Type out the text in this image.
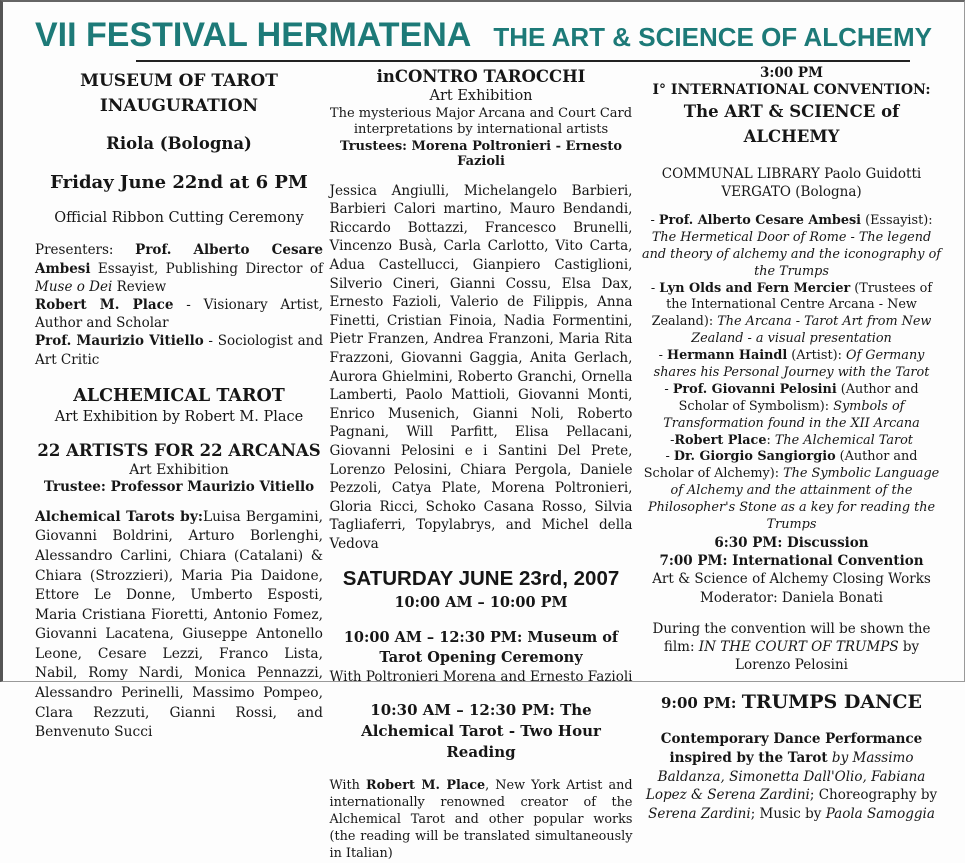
VII FESTIVAL HERMATENA THE ART & SCIENCE OF ALCHEMY

MUSEUM OF TAROT INAUGURATION

Riola (Bologna)

Friday June 22nd at 6 PM

Official Ribbon Cutting Ceremony

Presenters: Prof. Alberto Cesare Ambesi Essayist, Publishing Director of Muse o Dei Review

Robert M. Place - Visionary Artist, Author and Scholar

Prof. Maurizio Vitiello - Sociologist and Art Critic

ALCHEMICAL TAROT

Art Exhibition by Robert M. Place

22 ARTISTS FOR 22 ARCANAS

Art Exhibition

Trustee: Professor Maurizio Vitiello

Alchemical Tarots by:Luisa Bergamini, Giovanni Boldrini, Arturo Borlenghi, Alessandro Carlini, Chiara (Catalani) & Chiara (Strozzieri), Maria Pia Daidone, Ettore Le Donne, Umberto Esposti, Maria Cristiana Fioretti, Antonio Fomez, Giovanni Lacatena, Giuseppe Antonello Leone, Cesare Lezzi, Franco Lista, Nabil, Romy Nardi, Monica Pennazzi, Alessandro Perinelli, Massimo Pompeo, Clara Rezzuti, Gianni Rossi, and Benvenuto Succi

inCONTRO TAROCCHI

Art Exhibition

The mysterious Major Arcana and Court Card interpretations by international artists

Trustees: Morena Poltronieri - Ernesto Fazioli

Jessica Angiulli, Michelangelo Barbieri, Barbieri Calori martino, Mauro Bendandi, Riccardo Bottazzi, Francesco Brunelli, Vincenzo Busà, Carla Carlotto, Vito Carta, Adua Castellucci, Gianpiero Castiglioni, Silverio Cineri, Gianni Cossu, Elsa Dax, Ernesto Fazioli, Valerio de Filippis, Anna Finetti, Cristian Finoia, Nadia Formentini, Pietr Franzen, Andrea Franzoni, Maria Rita Frazzoni, Giovanni Gaggia, Anita Gerlach, Aurora Ghielmini, Roberto Granchi, Ornella Lamberti, Paolo Mattioli, Giovanni Monti, Enrico Musenich, Gianni Noli, Roberto Pagnani, Will Parfitt, Elisa Pellacani, Giovanni Pelosini e i Santini Del Prete, Lorenzo Pelosini, Chiara Pergola, Daniele Pezzoli, Catya Plate, Morena Poltronieri, Gloria Ricci, Schoko Casana Rosso, Silvia Tagliaferri, Topylabrys, and Michel della Vedova

SATURDAY JUNE 23rd, 2007

10:00 AM – 10:00 PM

10:00 AM – 12:30 PM: Museum of Tarot Opening Ceremony

With Poltronieri Morena and Ernesto Fazioli

10:30 AM – 12:30 PM: The Alchemical Tarot - Two Hour Reading

With Robert M. Place, New York Artist and internationally renowned creator of the Alchemical Tarot and other popular works (the reading will be translated simultaneously in Italian)

3:00 PM

I° INTERNATIONAL CONVENTION:

The ART & SCIENCE of ALCHEMY

COMMUNAL LIBRARY Paolo Guidotti VERGATO (Bologna)

- Prof. Alberto Cesare Ambesi (Essayist): The Hermetical Door of Rome - The legend and theory of alchemy and the iconography of the Trumps

- Lyn Olds and Fern Mercier (Trustees of the International Centre Arcana - New Zealand): The Arcana - Tarot Art from New Zealand - a visual presentation

- Hermann Haindl (Artist): Of Germany shares his Personal Journey with the Tarot

- Prof. Giovanni Pelosini (Author and Scholar of Symbolism): Symbols of Transformation found in the XII Arcana

-Robert Place: The Alchemical Tarot

- Dr. Giorgio Sangiorgio (Author and Scholar of Alchemy): The Symbolic Language of Alchemy and the attainment of the Philosopher's Stone as a key for reading the Trumps

6:30 PM: Discussion

7:00 PM: International Convention

Art & Science of Alchemy Closing Works

Moderator: Daniela Bonati

During the convention will be shown the film: IN THE COURT OF TRUMPS by Lorenzo Pelosini

9:00 PM: TRUMPS DANCE

Contemporary Dance Performance inspired by the Tarot by Massimo Baldanza, Simonetta Dall'Olio, Fabiana Lopez & Serena Zardini; Choreography by Serena Zardini; Music by Paola Samoggia
